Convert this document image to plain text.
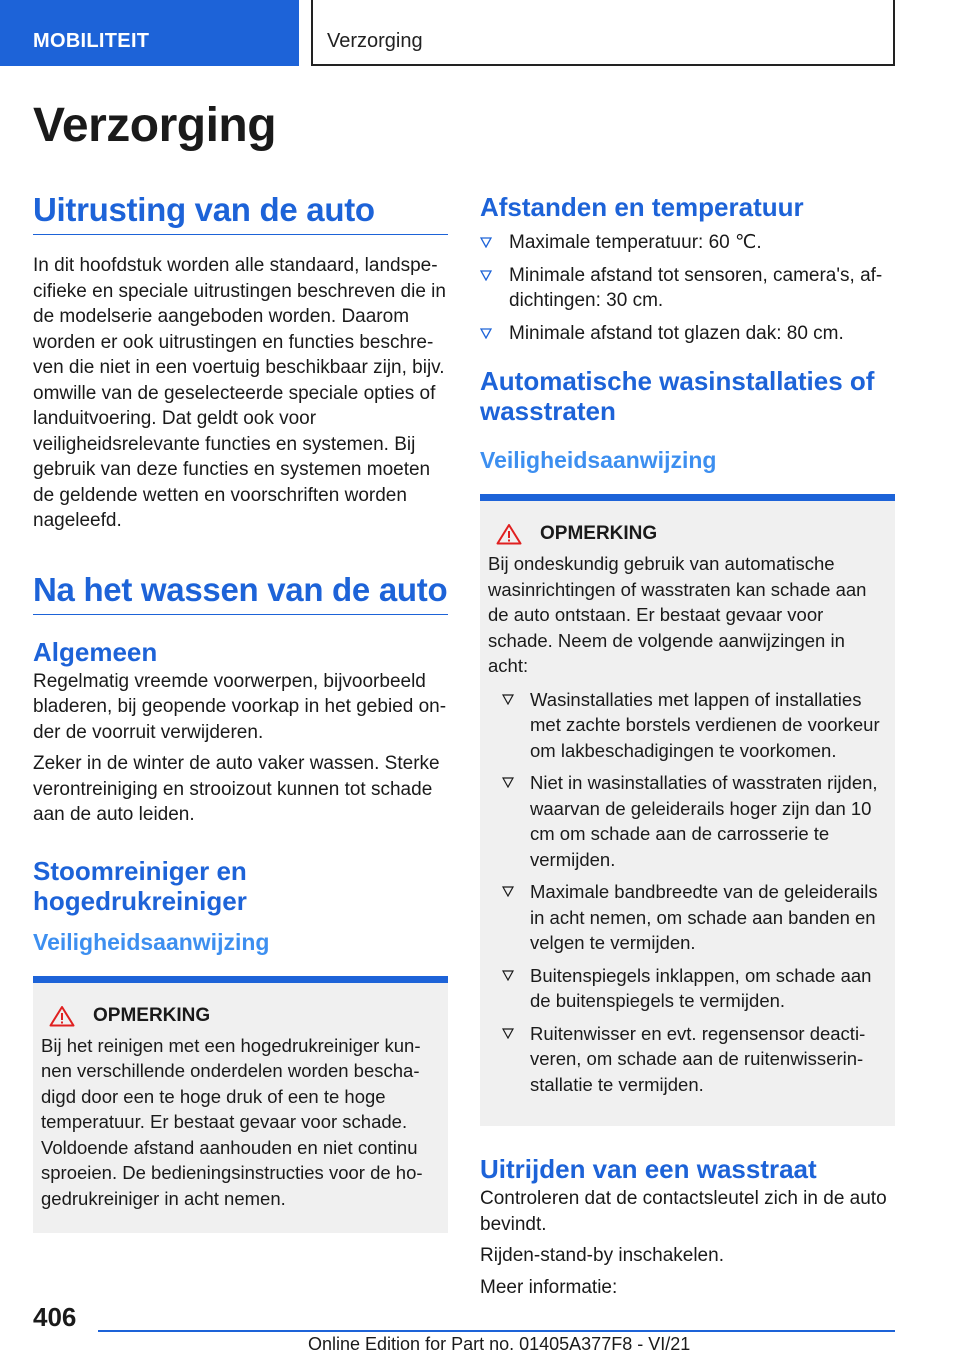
MOBILITEIT	Verzorging
Verzorging
Uitrusting van de auto

In dit hoofdstuk worden alle standaard, landspecifieke en speciale uitrustingen beschreven die in de modelserie aangeboden worden. Daarom worden er ook uitrustingen en functies beschreven die niet in een voertuig beschikbaar zijn, bijv. omwille van de geselecteerde speciale opties of landuitvoering. Dat geldt ook voor veiligheidsrelevante functies en systemen. Bij gebruik van deze functies en systemen moeten de geldende wetten en voorschriften worden nageleefd.

Na het wassen van de auto
Algemeen

Regelmatig vreemde voorwerpen, bijvoorbeeld bladeren, bij geopende voorkap in het gebied onder de voorruit verwijderen.

Zeker in de winter de auto vaker wassen. Sterke verontreiniging en strooizout kunnen tot schade aan de auto leiden.

Stoomreiniger en hogedrukreiniger
Veiligheidsaanwijzing
OPMERKING

Bij het reinigen met een hogedrukreiniger kunnen verschillende onderdelen worden beschadigd door een te hoge druk of een te hoge temperatuur. Er bestaat gevaar voor schade. Voldoende afstand aanhouden en niet continu sproeien. De bedieningsinstructies voor de hogedrukreiniger in acht nemen.

Afstanden en temperatuur
Maximale temperatuur: 60 ℃.
Minimale afstand tot sensoren, camera's, afdichtingen: 30 cm.
Minimale afstand tot glazen dak: 80 cm.
Automatische wasinstallaties of wasstraten
Veiligheidsaanwijzing
OPMERKING

Bij ondeskundig gebruik van automatische wasinrichtingen of wasstraten kan schade aan de auto ontstaan. Er bestaat gevaar voor schade. Neem de volgende aanwijzingen in acht:

Wasinstallaties met lappen of installaties met zachte borstels verdienen de voorkeur om lakbeschadigingen te voorkomen.
Niet in wasinstallaties of wasstraten rijden, waarvan de geleiderails hoger zijn dan 10 cm om schade aan de carrosserie te vermijden.
Maximale bandbreedte van de geleiderails in acht nemen, om schade aan banden en velgen te vermijden.
Buitenspiegels inklappen, om schade aan de buitenspiegels te vermijden.
Ruitenwisser en evt. regensensor deactiveren, om schade aan de ruitenwisserinstallatie te vermijden.
Uitrijden van een wasstraat

Controleren dat de contactsleutel zich in de auto bevindt.

Rijden-stand-by inschakelen.

Meer informatie:

406
Online Edition for Part no. 01405A377F8 - VI/21
